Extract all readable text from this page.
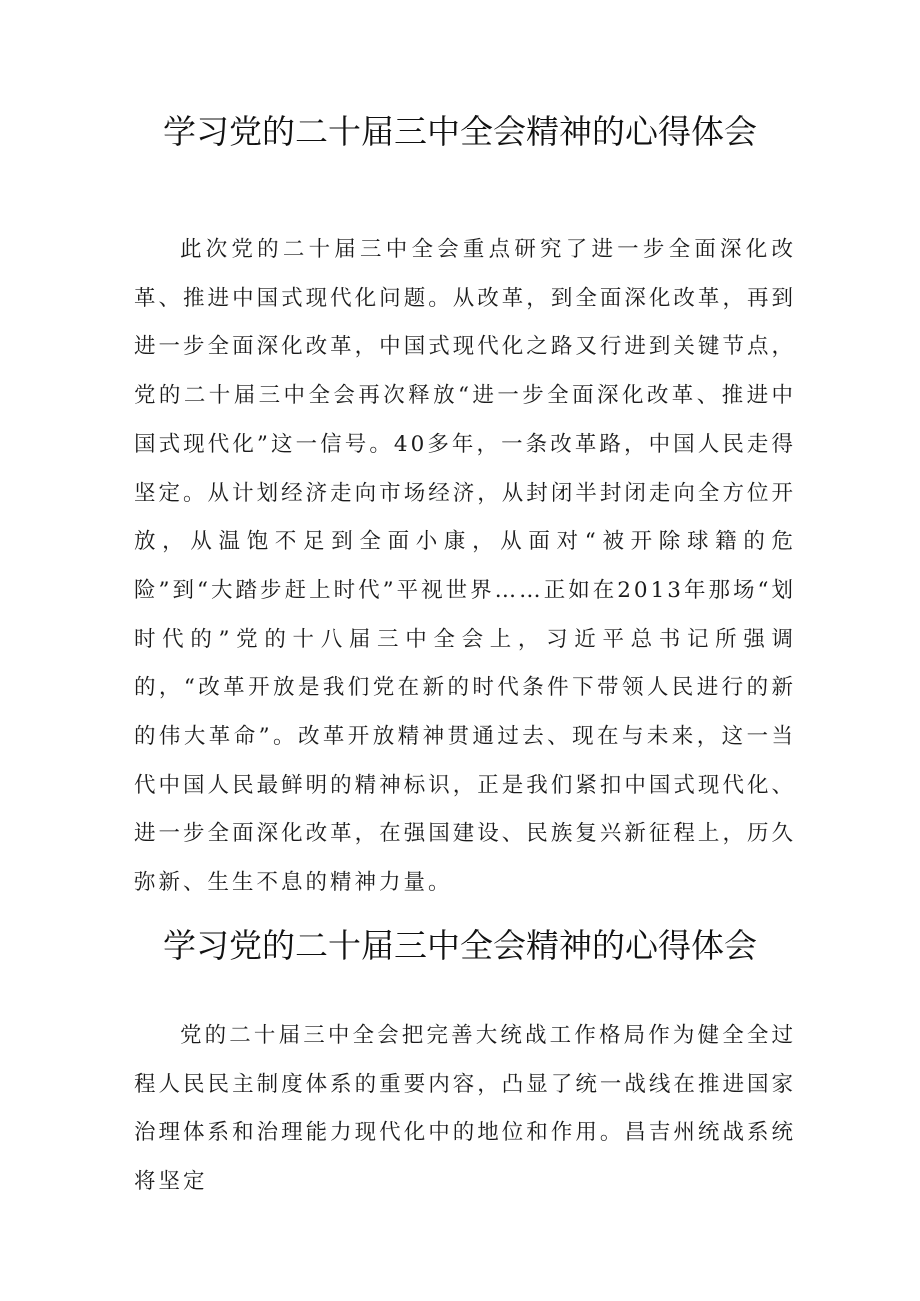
学习党的二十届三中全会精神的心得体会

此次党的二十届三中全会重点研究了进一步全面深化改革、推进中国式现代化问题。从改革，到全面深化改革，再到进一步全面深化改革，中国式现代化之路又行进到关键节点，党的二十届三中全会再次释放“进一步全面深化改革、推进中国式现代化”这一信号。40多年，一条改革路，中国人民走得坚定。从计划经济走向市场经济，从封闭半封闭走向全方位开放，从温饱不足到全面小康，从面对“被开除球籍的危险”到“大踏步赶上时代”平视世界……正如在2013年那场“划时代的”党的十八届三中全会上，习近平总书记所强调的，“改革开放是我们党在新的时代条件下带领人民进行的新的伟大革命”。改革开放精神贯通过去、现在与未来，这一当代中国人民最鲜明的精神标识，正是我们紧扣中国式现代化、进一步全面深化改革，在强国建设、民族复兴新征程上，历久弥新、生生不息的精神力量。

学习党的二十届三中全会精神的心得体会

党的二十届三中全会把完善大统战工作格局作为健全全过程人民民主制度体系的重要内容，凸显了统一战线在推进国家治理体系和治理能力现代化中的地位和作用。昌吉州统战系统将坚定
